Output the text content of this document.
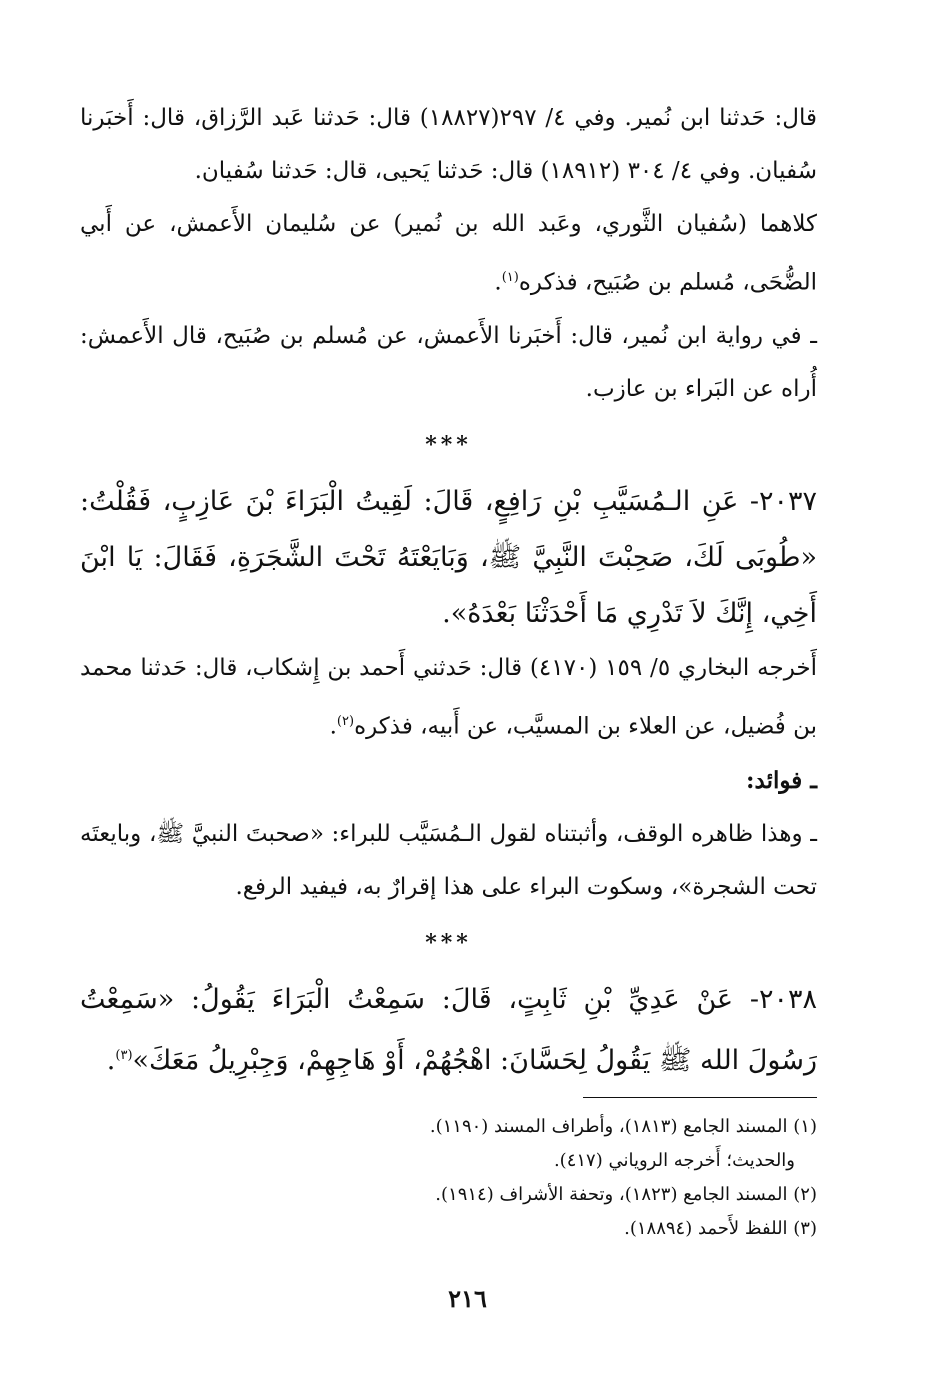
قال: حَدثنا ابن نُمير. وفي ٤/ ٢٩٧(١٨٨٢٧) قال: حَدثنا عَبد الرَّزاق، قال: أَخبَرنا سُفيان. وفي ٤/ ٣٠٤ (١٨٩١٢) قال: حَدثنا يَحيى، قال: حَدثنا سُفيان.

كلاهما (سُفيان الثَّوري، وعَبد الله بن نُمير) عن سُليمان الأَعمش، عن أَبي الضُّحَى، مُسلم بن صُبَيح، فذكره$^{(١)}$.

ـ في رواية ابن نُمير، قال: أَخبَرنا الأَعمش، عن مُسلم بن صُبَيح، قال الأَعمش: أُراه عن البَراء بن عازب.

***

٢٠٣٧- عَنِ الـمُسَيَّبِ بْنِ رَافِعٍ، قَالَ: لَقِيتُ الْبَرَاءَ بْنَ عَازِبٍ، فَقُلْتُ: «طُوبَى لَكَ، صَحِبْتَ النَّبِيَّ ﷺ، وَبَايَعْتَهُ تَحْتَ الشَّجَرَةِ، فَقَالَ: يَا ابْنَ أَخِي، إِنَّكَ لاَ تَدْرِي مَا أَحْدَثْنَا بَعْدَهُ».

أَخرجه البخاري ٥/ ١٥٩ (٤١٧٠) قال: حَدثني أَحمد بن إِشكاب، قال: حَدثنا محمد بن فُضيل، عن العلاء بن المسيَّب، عن أَبيه، فذكره$^{(٢)}$.

ـ فوائد:

ـ وهذا ظاهره الوقف، وأثبتناه لقول الـمُسَيَّب للبراء: «صحبتَ النبيَّ ﷺ، وبايعتَه تحت الشجرة»، وسكوت البراء على هذا إقرارٌ به، فيفيد الرفع.

***

٢٠٣٨- عَنْ عَدِيِّ بْنِ ثَابِتٍ، قَالَ: سَمِعْتُ الْبَرَاءَ يَقُولُ: «سَمِعْتُ رَسُولَ الله ﷺ يَقُولُ لِحَسَّانَ: اهْجُهُمْ، أَوْ هَاجِهِمْ، وَجِبْرِيلُ مَعَكَ»$^{(٣)}$.

(١) المسند الجامع (١٨١٣)، وأطراف المسند (١١٩٠).
والحديث؛ أَخرجه الروياني (٤١٧).
(٢) المسند الجامع (١٨٢٣)، وتحفة الأشراف (١٩١٤).
(٣) اللفظ لأَحمد (١٨٨٩٤).
٢١٦
